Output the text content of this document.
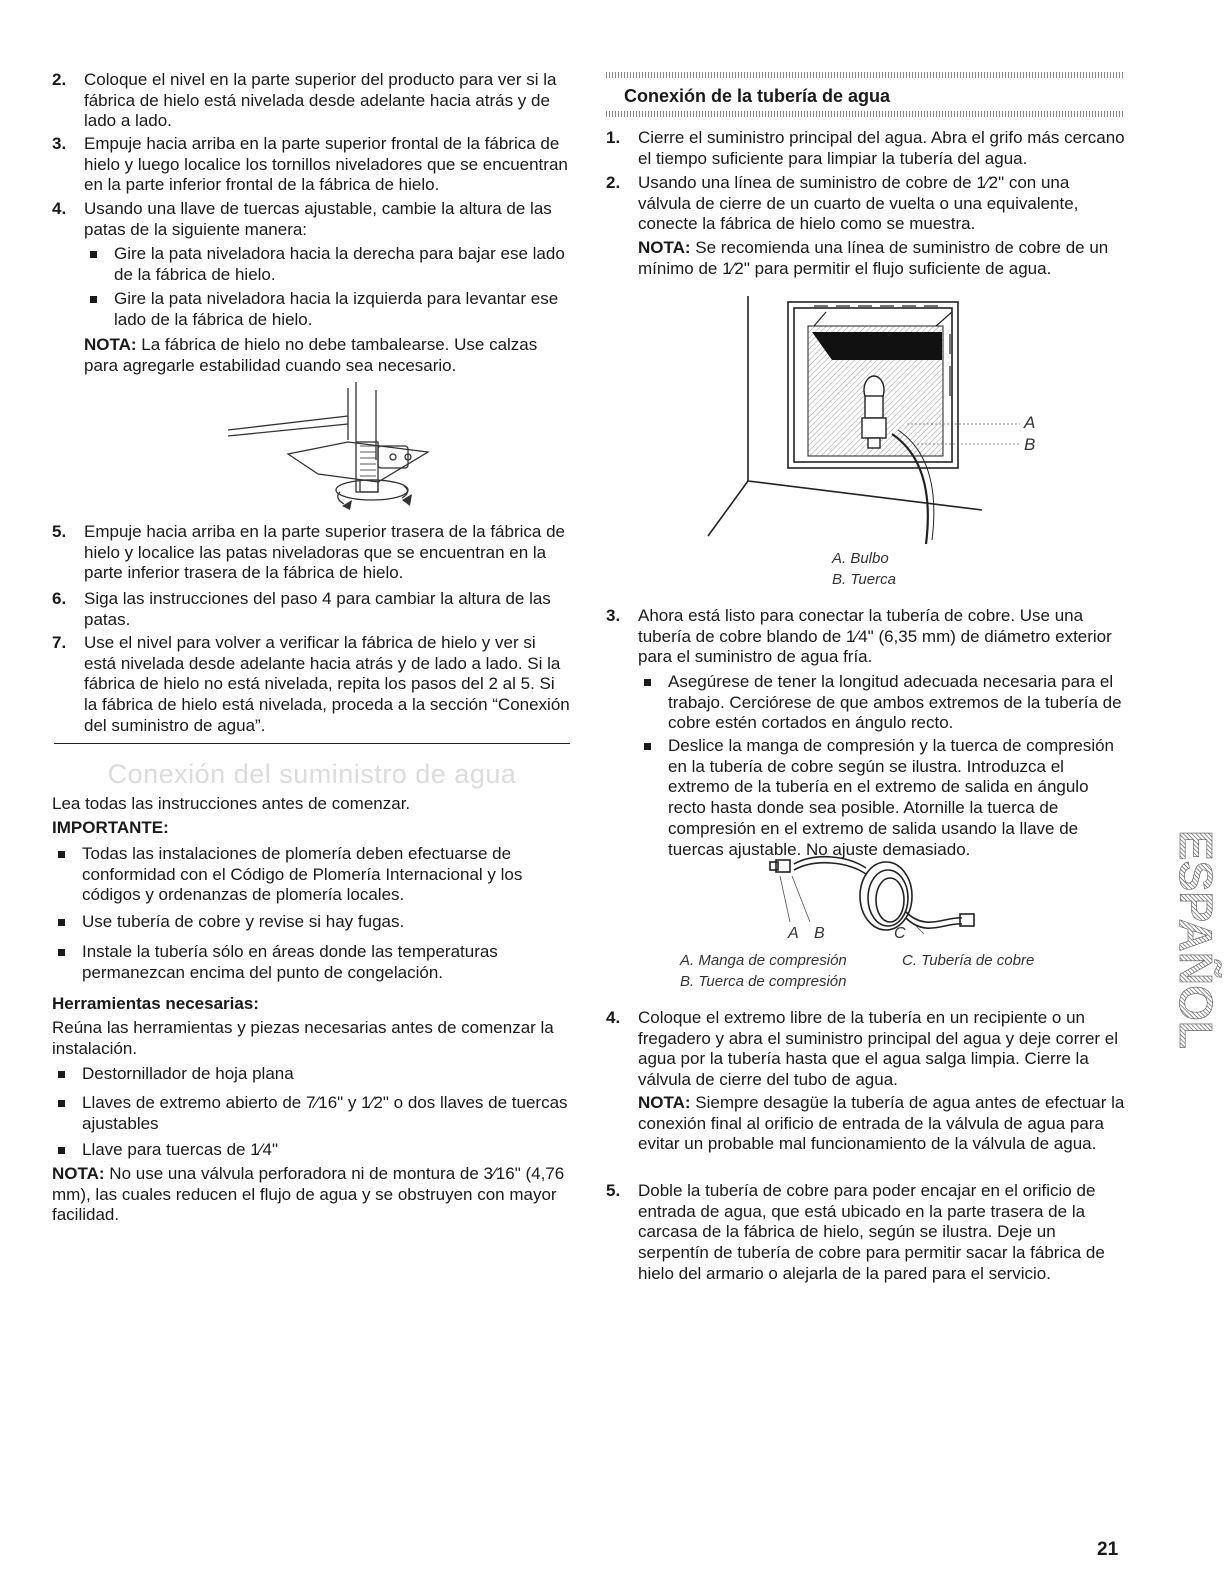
2. Coloque el nivel en la parte superior del producto para ver si la fábrica de hielo está nivelada desde adelante hacia atrás y de lado a lado.
3. Empuje hacia arriba en la parte superior frontal de la fábrica de hielo y luego localice los tornillos niveladores que se encuentran en la parte inferior frontal de la fábrica de hielo.
4. Usando una llave de tuercas ajustable, cambie la altura de las patas de la siguiente manera:
Gire la pata niveladora hacia la derecha para bajar ese lado de la fábrica de hielo.
Gire la pata niveladora hacia la izquierda para levantar ese lado de la fábrica de hielo.
NOTA: La fábrica de hielo no debe tambalearse. Use calzas para agregarle estabilidad cuando sea necesario.
5. Empuje hacia arriba en la parte superior trasera de la fábrica de hielo y localice las patas niveladoras que se encuentran en la parte inferior trasera de la fábrica de hielo.
6. Siga las instrucciones del paso 4 para cambiar la altura de las patas.
7. Use el nivel para volver a verificar la fábrica de hielo y ver si está nivelada desde adelante hacia atrás y de lado a lado. Si la fábrica de hielo no está nivelada, repita los pasos del 2 al 5. Si la fábrica de hielo está nivelada, proceda a la sección “Conexión del suministro de agua”.
Conexión del suministro de agua
Lea todas las instrucciones antes de comenzar.
IMPORTANTE:
Todas las instalaciones de plomería deben efectuarse de conformidad con el Código de Plomería Internacional y los códigos y ordenanzas de plomería locales.
Use tubería de cobre y revise si hay fugas.
Instale la tubería sólo en áreas donde las temperaturas permanezcan encima del punto de congelación.
Herramientas necesarias:
Reúna las herramientas y piezas necesarias antes de comenzar la instalación.
Destornillador de hoja plana
Llaves de extremo abierto de 7⁄16" y 1⁄2" o dos llaves de tuercas ajustables
Llave para tuercas de 1⁄4"
NOTA: No use una válvula perforadora ni de montura de 3⁄16" (4,76 mm), las cuales reducen el flujo de agua y se obstruyen con mayor facilidad.
Conexión de la tubería de agua
1. Cierre el suministro principal del agua. Abra el grifo más cercano el tiempo suficiente para limpiar la tubería del agua.
2. Usando una línea de suministro de cobre de 1⁄2" con una válvula de cierre de un cuarto de vuelta o una equivalente, conecte la fábrica de hielo como se muestra.
NOTA: Se recomienda una línea de suministro de cobre de un mínimo de 1⁄2" para permitir el flujo suficiente de agua.
A
B
A. Bulbo
B. Tuerca
3. Ahora está listo para conectar la tubería de cobre. Use una tubería de cobre blando de 1⁄4" (6,35 mm) de diámetro exterior para el suministro de agua fría.
Asegúrese de tener la longitud adecuada necesaria para el trabajo. Cerciórese de que ambos extremos de la tubería de cobre estén cortados en ángulo recto.
Deslice la manga de compresión y la tuerca de compresión en la tubería de cobre según se ilustra. Introduzca el extremo de la tubería en el extremo de salida en ángulo recto hasta donde sea posible. Atornille la tuerca de compresión en el extremo de salida usando la llave de tuercas ajustable. No ajuste demasiado.
A B	C
A. Manga de compresión
B. Tuerca de compresión
C. Tubería de cobre
4. Coloque el extremo libre de la tubería en un recipiente o un fregadero y abra el suministro principal del agua y deje correr el agua por la tubería hasta que el agua salga limpia. Cierre la válvula de cierre del tubo de agua.
NOTA: Siempre desagüe la tubería de agua antes de efectuar la conexión final al orificio de entrada de la válvula de agua para evitar un probable mal funcionamiento de la válvula de agua.
5. Doble la tubería de cobre para poder encajar en el orificio de entrada de agua, que está ubicado en la parte trasera de la carcasa de la fábrica de hielo, según se ilustra. Deje un serpentín de tubería de cobre para permitir sacar la fábrica de hielo del armario o alejarla de la pared para el servicio.
ESPAÑOL
21
